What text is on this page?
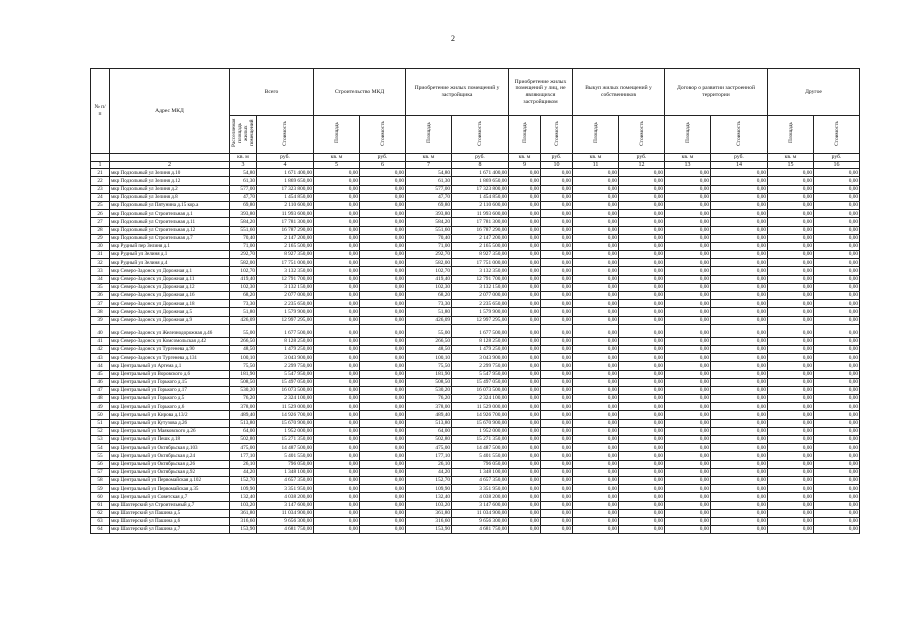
2
№ п/п	Адрес МКД	Всего		Строительство МКД		Приобретение жилых помещений у застройщика		Приобретение жилых помещений у лиц, не являющихся застройщиком		Выкуп жилых помещений у собственников		Договор о развитии застроенной территории		Другое	
		Расселяемая площадь жилых помещений	Стоимость	Площадь	Стоимость	Площадь	Стоимость	Площадь	Стоимость	Площадь	Стоимость	Площадь	Стоимость	Площадь	Стоимость
		кв. м	руб.	кв. м	руб.	кв. м	руб.	кв. м	руб.	кв. м	руб.	кв. м	руб.	кв. м	руб.
1	2	3	4	5	6	7	8	9	10	11	12	13	14	15	16
21	мкр Подзольный ул Зелиня д.10	54,80	1 671 400,00	0,00	0,00	54,80	1 671 400,00	0,00	0,00	0,00	0,00	0,00	0,00	0,00	0,00
22	мкр Подзольный ул Зелиня д.12	61,30	1 869 650,00	0,00	0,00	61,30	1 869 650,00	0,00	0,00	0,00	0,00	0,00	0,00	0,00	0,00
23	мкр Подзольный ул Зелиня д.2	577,00	17 323 800,00	0,00	0,00	577,00	17 323 800,00	0,00	0,00	0,00	0,00	0,00	0,00	0,00	0,00
24	мкр Подзольный ул Зелиня д.8	47,70	1 454 850,00	0,00	0,00	47,70	1 454 850,00	0,00	0,00	0,00	0,00	0,00	0,00	0,00	0,00
25	мкр Подзольный ул Пятунина д.15 кор.а	69,80	2 110 600,00	0,00	0,00	69,80	2 110 600,00	0,00	0,00	0,00	0,00	0,00	0,00	0,00	0,00
26	мкр Подзольный ул Строительная д.1	393,80	11 993 600,00	0,00	0,00	393,80	11 993 600,00	0,00	0,00	0,00	0,00	0,00	0,00	0,00	0,00
27	мкр Подзольный ул Строительная д.11	584,20	17 781 300,00	0,00	0,00	584,20	17 781 300,00	0,00	0,00	0,00	0,00	0,00	0,00	0,00	0,00
28	мкр Подзольный ул Строительная д.12	551,60	16 787 290,00	0,00	0,00	551,60	16 787 290,00	0,00	0,00	0,00	0,00	0,00	0,00	0,00	0,00
29	мкр Подзольный ул Строительная д.7	70,40	2 147 200,00	0,00	0,00	70,40	2 147 200,00	0,00	0,00	0,00	0,00	0,00	0,00	0,00	0,00
30	мкр Рудный пер Зелиня д.1	71,00	2 165 500,00	0,00	0,00	71,00	2 165 500,00	0,00	0,00	0,00	0,00	0,00	0,00	0,00	0,00
31	мкр Рудный ул Зелиня д.1	292,70	8 927 350,00	0,00	0,00	292,70	8 927 350,00	0,00	0,00	0,00	0,00	0,00	0,00	0,00	0,00
32	мкр Рудный ул Зелиня д.4	582,00	17 751 000,00	0,00	0,00	582,00	17 751 000,00	0,00	0,00	0,00	0,00	0,00	0,00	0,00	0,00
33	мкр Северо-Задонск ул Дорожная д.1	102,70	3 132 350,00	0,00	0,00	102,70	3 132 350,00	0,00	0,00	0,00	0,00	0,00	0,00	0,00	0,00
34	мкр Северо-Задонск ул Дорожная д.11	419,40	12 791 700,00	0,00	0,00	419,40	12 791 700,00	0,00	0,00	0,00	0,00	0,00	0,00	0,00	0,00
35	мкр Северо-Задонск ул Дорожная д.12	102,30	3 132 150,00	0,00	0,00	102,30	3 132 150,00	0,00	0,00	0,00	0,00	0,00	0,00	0,00	0,00
36	мкр Северо-Задонск ул Дорожная д.16	68,20	2 077 000,00	0,00	0,00	68,20	2 077 000,00	0,00	0,00	0,00	0,00	0,00	0,00	0,00	0,00
37	мкр Северо-Задонск ул Дорожная д.18	73,30	2 235 650,00	0,00	0,00	73,30	2 235 650,00	0,00	0,00	0,00	0,00	0,00	0,00	0,00	0,00
38	мкр Северо-Задонск ул Дорожная д.5	51,80	1 579 900,00	0,00	0,00	51,80	1 579 900,00	0,00	0,00	0,00	0,00	0,00	0,00	0,00	0,00
39	мкр Северо-Задонск ул Дорожная д.9	426,09	12 997 295,00	0,00	0,00	426,09	12 997 295,00	0,00	0,00	0,00	0,00	0,00	0,00	0,00	0,00
40	мкр Северо-Задонск ул Железнодорожная д.46	55,00	1 677 500,00	0,00	0,00	55,00	1 677 500,00	0,00	0,00	0,00	0,00	0,00	0,00	0,00	0,00
41	мкр Северо-Задонск ул Комсомольская д.42	266,50	8 128 250,00	0,00	0,00	266,50	8 128 250,00	0,00	0,00	0,00	0,00	0,00	0,00	0,00	0,00
42	мкр Северо-Задонск ул Тургенева д.90	48,50	1 479 250,00	0,00	0,00	48,50	1 479 250,00	0,00	0,00	0,00	0,00	0,00	0,00	0,00	0,00
43	мкр Северо-Задонск ул Тургенева д.131	100,10	3 043 900,00	0,00	0,00	100,10	3 043 900,00	0,00	0,00	0,00	0,00	0,00	0,00	0,00	0,00
44	мкр Центральный ул Артема д.1	75,50	2 299 750,00	0,00	0,00	75,50	2 299 750,00	0,00	0,00	0,00	0,00	0,00	0,00	0,00	0,00
45	мкр Центральный ул Воровского д.6	181,90	5 547 950,00	0,00	0,00	181,90	5 547 950,00	0,00	0,00	0,00	0,00	0,00	0,00	0,00	0,00
46	мкр Центральный ул Горького д.15	508,50	15 497 050,00	0,00	0,00	508,50	15 497 050,00	0,00	0,00	0,00	0,00	0,00	0,00	0,00	0,00
47	мкр Центральный ул Горького д.17	530,20	16 073 500,00	0,00	0,00	530,20	16 073 500,00	0,00	0,00	0,00	0,00	0,00	0,00	0,00	0,00
48	мкр Центральный ул Горького д.5	76,20	2 324 100,00	0,00	0,00	76,20	2 324 100,00	0,00	0,00	0,00	0,00	0,00	0,00	0,00	0,00
49	мкр Центральный ул Горького д.6	378,00	11 529 000,00	0,00	0,00	378,00	11 529 000,00	0,00	0,00	0,00	0,00	0,00	0,00	0,00	0,00
50	мкр Центральный ул Кирова д.13/2	489,40	14 926 700,00	0,00	0,00	489,40	14 926 700,00	0,00	0,00	0,00	0,00	0,00	0,00	0,00	0,00
51	мкр Центральный ул Кутузова д.26	513,80	15 670 900,00	0,00	0,00	513,80	15 670 900,00	0,00	0,00	0,00	0,00	0,00	0,00	0,00	0,00
52	мкр Центральный ул Маяковского д.26	64,00	1 952 000,00	0,00	0,00	64,00	1 952 000,00	0,00	0,00	0,00	0,00	0,00	0,00	0,00	0,00
53	мкр Центральный ул Пешк д.18	502,80	15 271 350,00	0,00	0,00	502,80	15 271 350,00	0,00	0,00	0,00	0,00	0,00	0,00	0,00	0,00
54	мкр Центральный ул Октябрьская д.103	475,00	14 487 500,00	0,00	0,00	475,00	14 487 500,00	0,00	0,00	0,00	0,00	0,00	0,00	0,00	0,00
55	мкр Центральный ул Октябрьская д.24	177,10	5 401 550,00	0,00	0,00	177,10	5 401 550,00	0,00	0,00	0,00	0,00	0,00	0,00	0,00	0,00
56	мкр Центральный ул Октябрьская д.26	26,10	796 050,00	0,00	0,00	26,10	796 050,00	0,00	0,00	0,00	0,00	0,00	0,00	0,00	0,00
57	мкр Центральный ул Октябрьская д.92	44,20	1 348 100,00	0,00	0,00	44,20	1 348 100,00	0,00	0,00	0,00	0,00	0,00	0,00	0,00	0,00
58	мкр Центральный ул Первомайская д.102	152,70	4 657 350,00	0,00	0,00	152,70	4 657 350,00	0,00	0,00	0,00	0,00	0,00	0,00	0,00	0,00
59	мкр Центральный ул Первомайская д.35	109,90	3 351 950,00	0,00	0,00	109,90	3 351 950,00	0,00	0,00	0,00	0,00	0,00	0,00	0,00	0,00
60	мкр Центральный ул Советская д.7	132,40	4 038 200,00	0,00	0,00	132,40	4 038 200,00	0,00	0,00	0,00	0,00	0,00	0,00	0,00	0,00
61	мкр Шахтерский ул Строительный д.7	103,20	3 147 600,00	0,00	0,00	103,20	3 147 600,00	0,00	0,00	0,00	0,00	0,00	0,00	0,00	0,00
62	мкр Шахтерский ул Пашина д.5	361,80	11 034 900,00	0,00	0,00	361,80	11 034 900,00	0,00	0,00	0,00	0,00	0,00	0,00	0,00	0,00
63	мкр Шахтерский ул Пашина д.6	316,60	9 656 300,00	0,00	0,00	316,60	9 656 300,00	0,00	0,00	0,00	0,00	0,00	0,00	0,00	0,00
64	мкр Шахтерский ул Пашина д.7	153,90	4 681 750,00	0,00	0,00	153,90	4 681 750,00	0,00	0,00	0,00	0,00	0,00	0,00	0,00	0,00
